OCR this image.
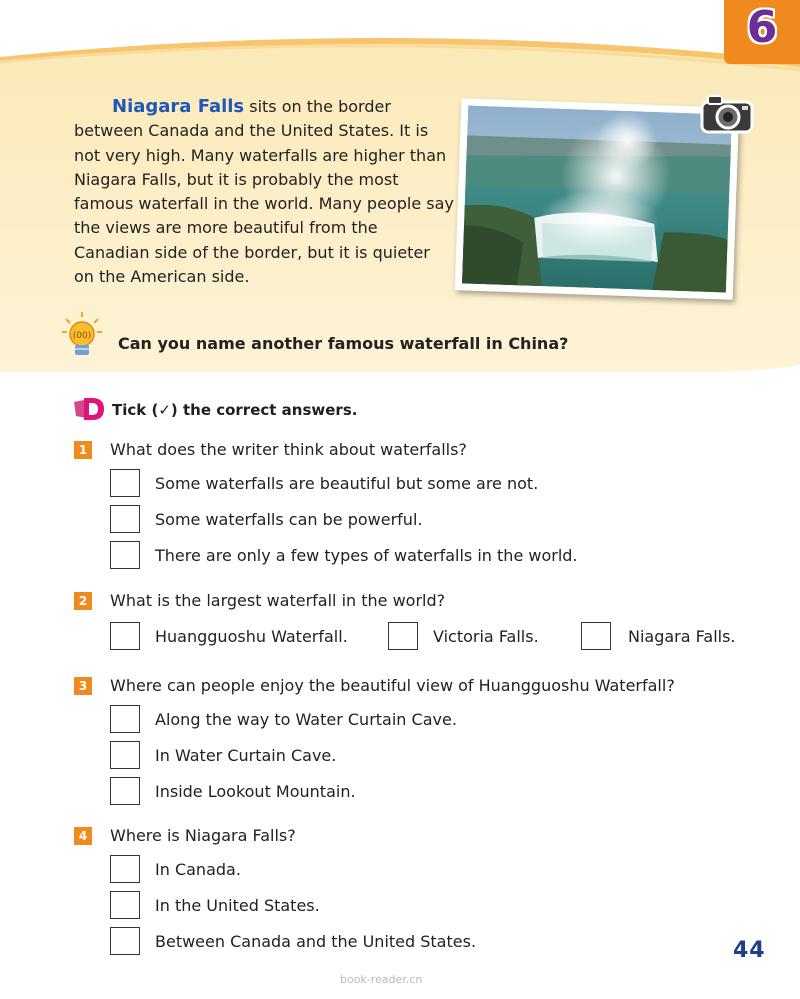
6
Niagara Falls sits on the border between Canada and the United States. It is not very high. Many waterfalls are higher than Niagara Falls, but it is probably the most famous waterfall in the world. Many people say the views are more beautiful from the Canadian side of the border, but it is quieter on the American side.
(00) Can you name another famous waterfall in China?
Tick (✓) the correct answers.
1	What does the writer think about waterfalls?
Some waterfalls are beautiful but some are not.
Some waterfalls can be powerful.
There are only a few types of waterfalls in the world.
2	What is the largest waterfall in the world?
Huangguoshu Waterfall.	Victoria Falls.	Niagara Falls.
3	Where can people enjoy the beautiful view of Huangguoshu Waterfall?
Along the way to Water Curtain Cave.
In Water Curtain Cave.
Inside Lookout Mountain.
4	Where is Niagara Falls?
In Canada.
In the United States.
Between Canada and the United States.	44
book-reader.cn
